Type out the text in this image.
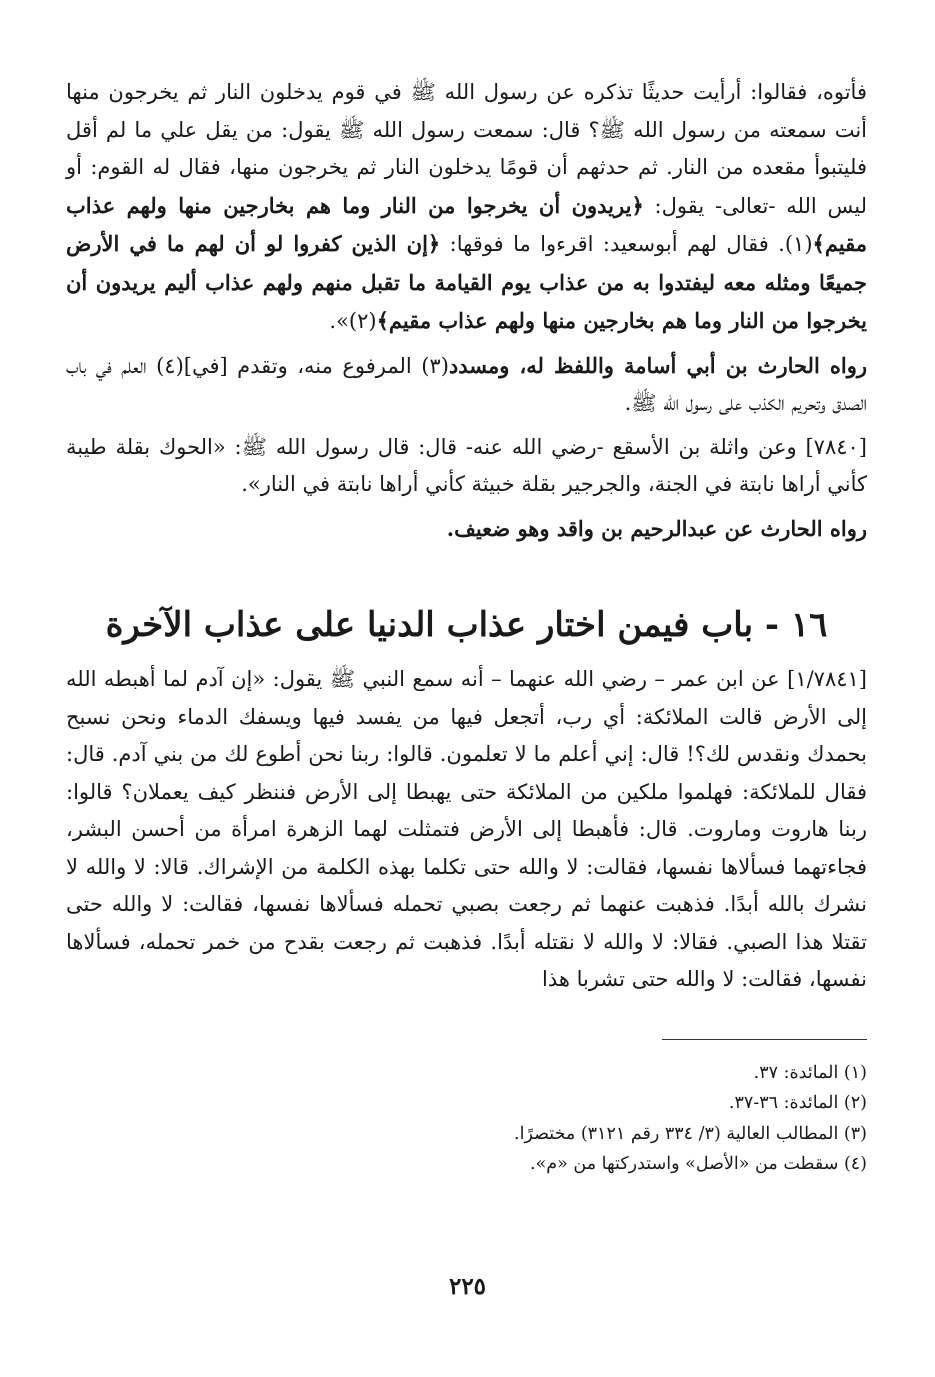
فأتوه، فقالوا: أرأيت حديثًا تذكره عن رسول الله ﷺ في قوم يدخلون النار ثم يخرجون منها أنت سمعته من رسول الله ﷺ؟ قال: سمعت رسول الله ﷺ يقول: من يقل علي ما لم أقل فليتبوأ مقعده من النار. ثم حدثهم أن قومًا يدخلون النار ثم يخرجون منها، فقال له القوم: أو ليس الله -تعالى- يقول: ﴿يريدون أن يخرجوا من النار وما هم بخارجين منها ولهم عذاب مقيم﴾(١). فقال لهم أبوسعيد: اقرءوا ما فوقها: ﴿إن الذين كفروا لو أن لهم ما في الأرض جميعًا ومثله معه ليفتدوا به من عذاب يوم القيامة ما تقبل منهم ولهم عذاب أليم يريدون أن يخرجوا من النار وما هم بخارجين منها ولهم عذاب مقيم﴾(٢)».

رواه الحارث بن أبي أسامة واللفظ له، ومسدد(٣) المرفوع منه، وتقدم [في](٤) العلم في باب الصدق وتحريم الكذب على رسول الله ﷺ.

[٧٨٤٠] وعن واثلة بن الأسقع -رضي الله عنه- قال: قال رسول الله ﷺ: «الحوك بقلة طيبة كأني أراها نابتة في الجنة، والجرجير بقلة خبيثة كأني أراها نابتة في النار».

رواه الحارث عن عبدالرحيم بن واقد وهو ضعيف.

١٦ - باب فيمن اختار عذاب الدنيا على عذاب الآخرة

[١/٧٨٤١] عن ابن عمر – رضي الله عنهما – أنه سمع النبي ﷺ يقول: «إن آدم لما أهبطه الله إلى الأرض قالت الملائكة: أي رب، أتجعل فيها من يفسد فيها ويسفك الدماء ونحن نسبح بحمدك ونقدس لك؟! قال: إني أعلم ما لا تعلمون. قالوا: ربنا نحن أطوع لك من بني آدم. قال: فقال للملائكة: فهلموا ملكين من الملائكة حتى يهبطا إلى الأرض فننظر كيف يعملان؟ قالوا: ربنا هاروت وماروت. قال: فأهبطا إلى الأرض فتمثلت لهما الزهرة امرأة من أحسن البشر، فجاءتهما فسألاها نفسها، فقالت: لا والله حتى تكلما بهذه الكلمة من الإشراك. قالا: لا والله لا نشرك بالله أبدًا. فذهبت عنهما ثم رجعت بصبي تحمله فسألاها نفسها، فقالت: لا والله حتى تقتلا هذا الصبي. فقالا: لا والله لا نقتله أبدًا. فذهبت ثم رجعت بقدح من خمر تحمله، فسألاها نفسها، فقالت: لا والله حتى تشربا هذا

(١) المائدة: ٣٧.
(٢) المائدة: ٣٦-٣٧.
(٣) المطالب العالية (٣/ ٣٣٤ رقم ٣١٢١) مختصرًا.
(٤) سقطت من «الأصل» واستدركتها من «م».
٢٢٥
